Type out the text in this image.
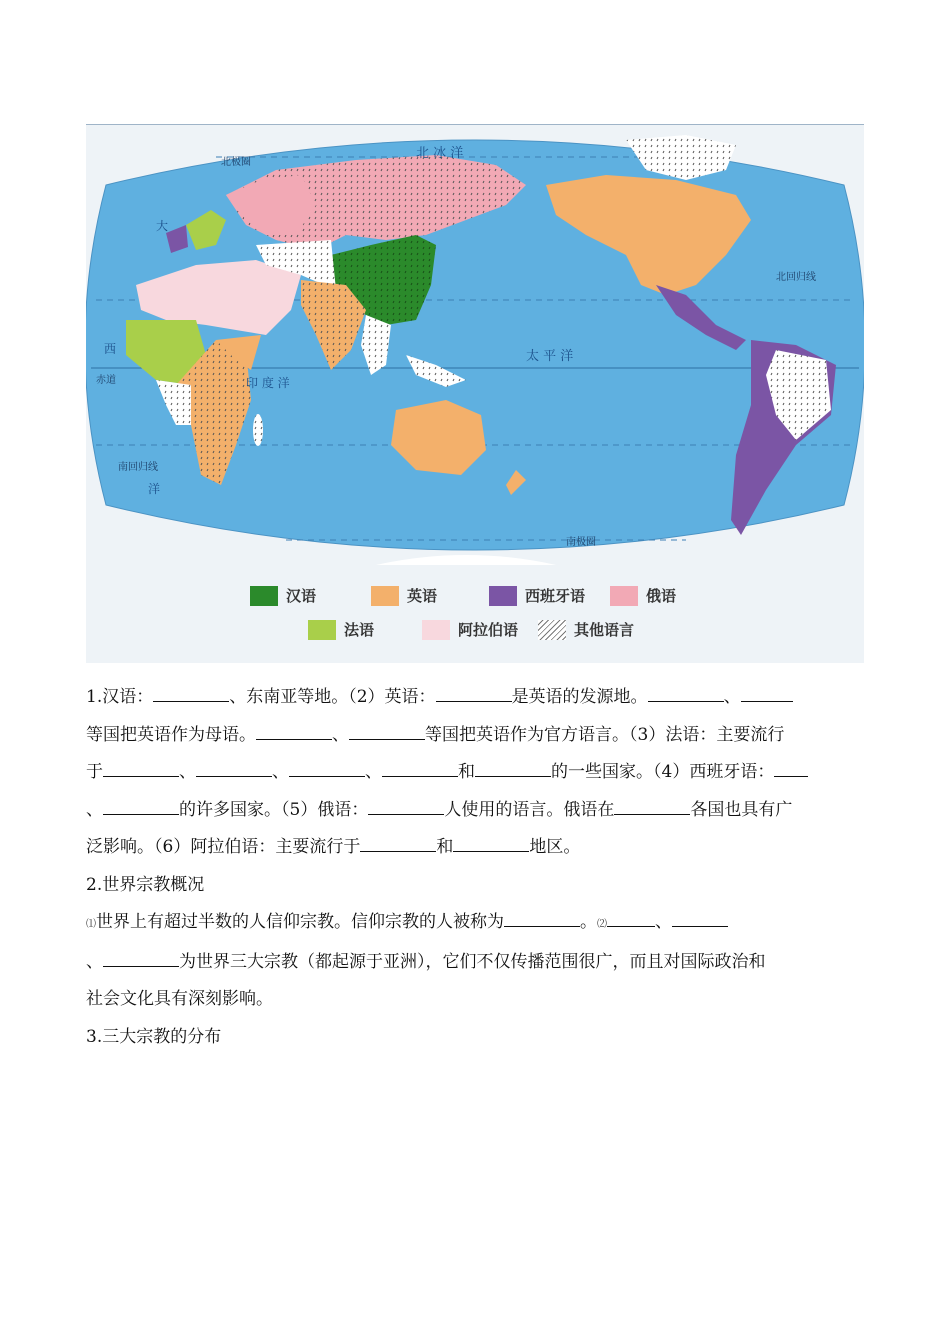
北 冰 洋
北极圈
北回归线
赤道
南回归线
南极圈
太 平 洋
印 度 洋
大
西
洋
汉语	英语	西班牙语	俄语
法语	阿拉伯语	其他语言
1.汉语：	、东南亚等地。（2）英语：	是英语的发源地。	、
等国把英语作为母语。	、	等国把英语作为官方语言。（3）法语：主要流行
于	、	、	、	和	的一些国家。（4）西班牙语：
、	的许多国家。（5）俄语：	人使用的语言。俄语在	各国也具有广
泛影响。（6）阿拉伯语：主要流行于	和	地区。
2.世界宗教概况
⑴世界上有超过半数的人信仰宗教。信仰宗教的人被称为	。⑵	、
、	为世界三大宗教（都起源于亚洲），它们不仅传播范围很广，而且对国际政治和
社会文化具有深刻影响。
3.三大宗教的分布
